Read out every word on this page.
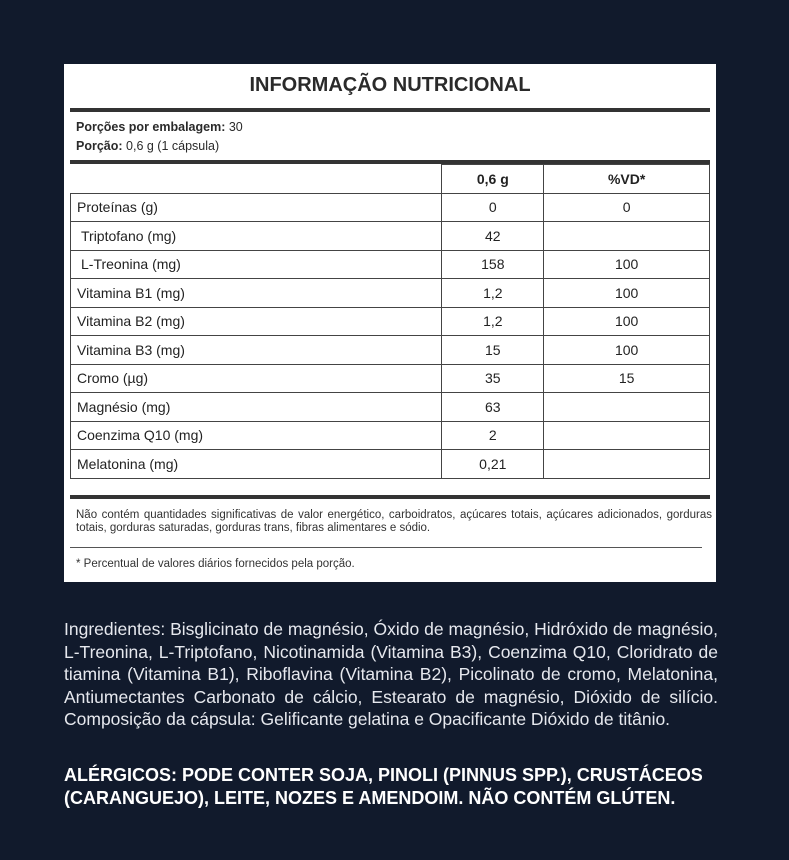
INFORMAÇÃO NUTRICIONAL
Porções por embalagem: 30
Porção: 0,6 g (1 cápsula)
	0,6 g	%VD*
Proteínas (g)	0	0
Triptofano (mg)	42	
L-Treonina (mg)	158	100
Vitamina B1 (mg)	1,2	100
Vitamina B2 (mg)	1,2	100
Vitamina B3 (mg)	15	100
Cromo (µg)	35	15
Magnésio (mg)	63	
Coenzima Q10 (mg)	2	
Melatonina (mg)	0,21	
Não contém quantidades significativas de valor energético, carboidratos, açúcares totais, açúcares adicionados, gorduras totais, gorduras saturadas, gorduras trans, fibras alimentares e sódio.
* Percentual de valores diários fornecidos pela porção.
Ingredientes: Bisglicinato de magnésio, Óxido de magnésio, Hidróxido de magnésio, L-Treonina, L-Triptofano, Nicotinamida (Vitamina B3), Coenzima Q10, Cloridrato de tiamina (Vitamina B1), Riboflavina (Vitamina B2), Picolinato de cromo, Melatonina, Antiumectantes Carbonato de cálcio, Estearato de magnésio, Dióxido de silício. Composição da cápsula: Gelificante gelatina e Opacificante Dióxido de titânio.
ALÉRGICOS: PODE CONTER SOJA, PINOLI (PINNUS SPP.), CRUSTÁCEOS (CARANGUEJO), LEITE, NOZES E AMENDOIM. NÃO CONTÉM GLÚTEN.
